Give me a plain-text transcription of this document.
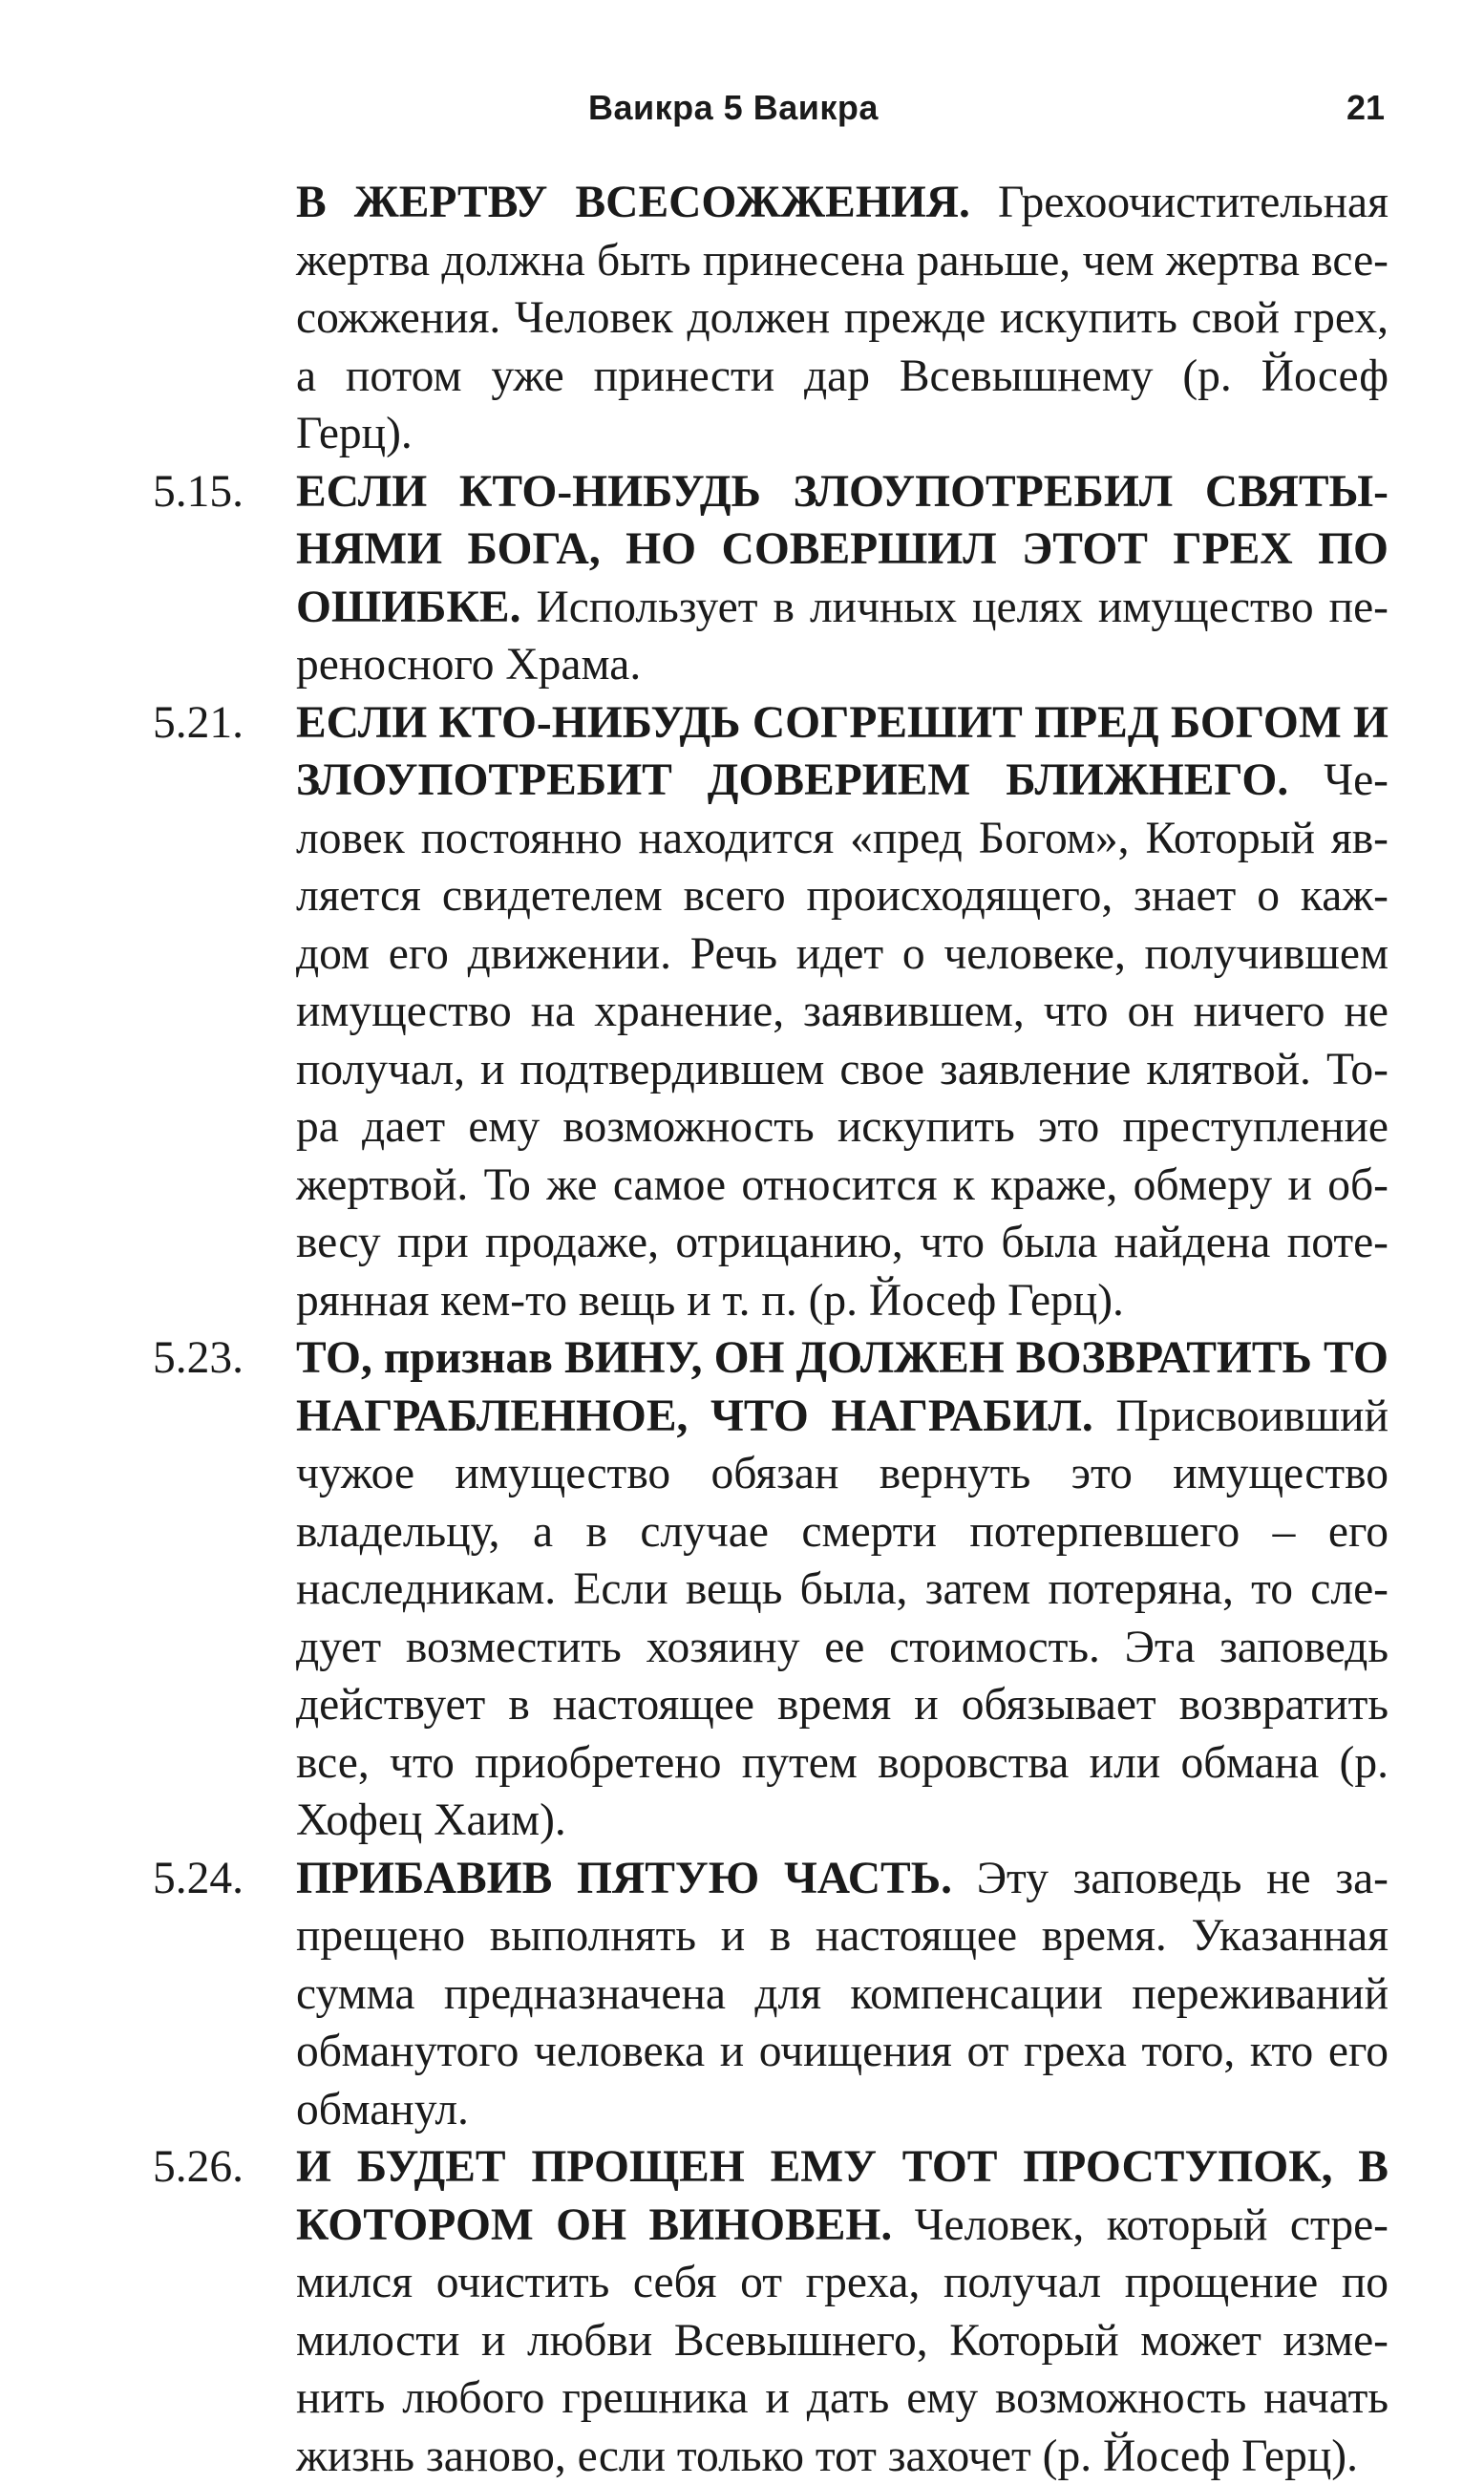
Ваикра 5 Ваикра	21
В ЖЕРТВУ ВСЕСОЖЖЕНИЯ. Грехоочистительная жертва должна быть принесена раньше, чем жертва всесожжения. Человек должен прежде искупить свой грех, а потом уже принести дар Всевышнему (р. Йосеф Герц).
5.15.	ЕСЛИ КТО-НИБУДЬ ЗЛОУПОТРЕБИЛ СВЯТЫНЯМИ БОГА, НО СОВЕРШИЛ ЭТОТ ГРЕХ ПО ОШИБКЕ. Использует в личных целях имущество переносного Храма.
5.21.	ЕСЛИ КТО-НИБУДЬ СОГРЕШИТ ПРЕД БОГОМ И ЗЛОУПОТРЕБИТ ДОВЕРИЕМ БЛИЖНЕГО. Человек постоянно находится «пред Богом», Который является свидетелем всего происходящего, знает о каждом его движении. Речь идет о человеке, получившем имущество на хранение, заявившем, что он ничего не получал, и подтвердившем свое заявление клятвой. Тора дает ему возможность искупить это преступление жертвой. То же самое относится к краже, обмеру и обвесу при продаже, отрицанию, что была найдена потерянная кем-то вещь и т. п. (р. Йосеф Герц).
5.23.	ТО, признав ВИНУ, ОН ДОЛЖЕН ВОЗВРАТИТЬ ТО НАГРАБЛЕННОЕ, ЧТО НАГРАБИЛ. Присвоивший чужое имущество обязан вернуть это имущество владельцу, а в случае смерти потерпевшего – его наследникам. Если вещь была, затем потеряна, то следует возместить хозяину ее стоимость. Эта заповедь действует в настоящее время и обязывает возвратить все, что приобретено путем воровства или обмана (р. Хофец Хаим).
5.24.	ПРИБАВИВ ПЯТУЮ ЧАСТЬ. Эту заповедь не запрещено выполнять и в настоящее время. Указанная сумма предназначена для компенсации переживаний обманутого человека и очищения от греха того, кто его обманул.
5.26.	И БУДЕТ ПРОЩЕН ЕМУ ТОТ ПРОСТУПОК, В КОТОРОМ ОН ВИНОВЕН. Человек, который стремился очистить себя от греха, получал прощение по милости и любви Всевышнего, Который может изменить любого грешника и дать ему возможность начать жизнь заново, если только тот захочет (р. Йосеф Герц).
